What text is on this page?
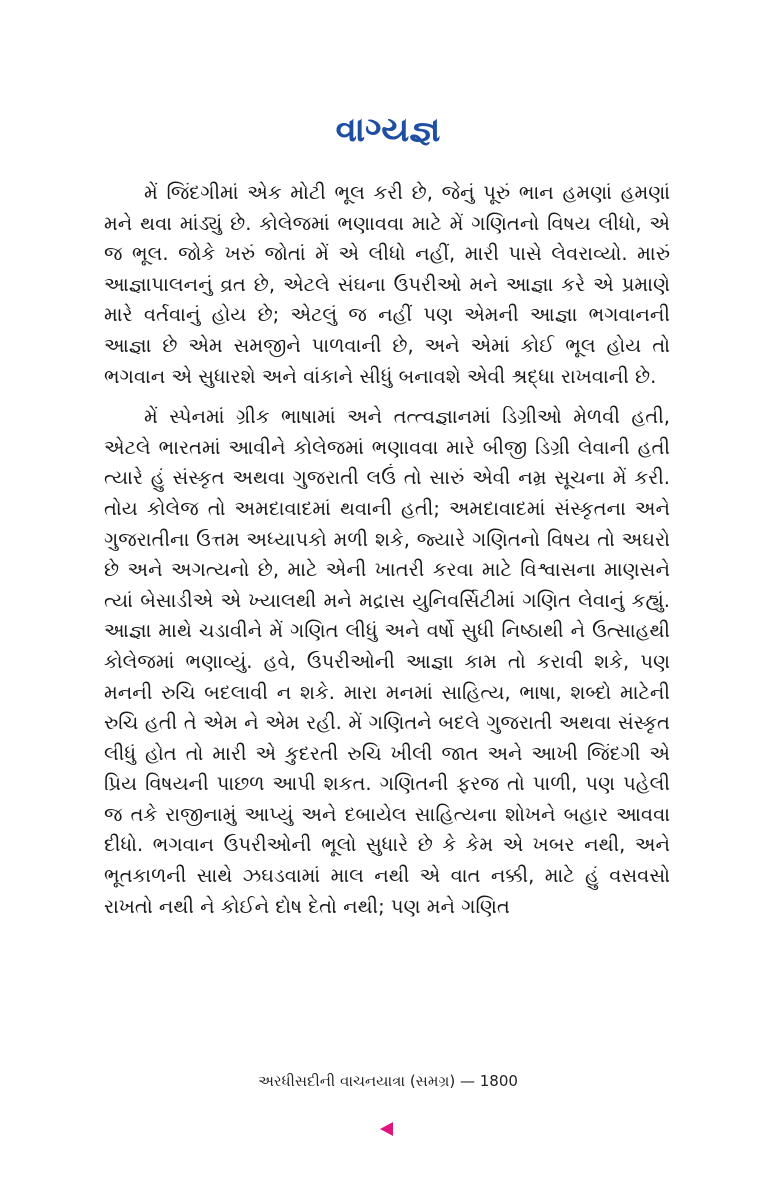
વાગ્યજ્ઞ

મેં જિંદગીમાં એક મોટી ભૂલ કરી છે, જેનું પૂરું ભાન હમણાં હમણાં મને થવા માંડ્યું છે. કોલેજમાં ભણાવવા માટે મેં ગણિતનો વિષય લીધો, એ જ ભૂલ. જોકે ખરું જોતાં મેં એ લીધો નહીં, મારી પાસે લેવરાવ્યો. મારું આજ્ઞાપાલનનું વ્રત છે, એટલે સંઘના ઉપરીઓ મને આજ્ઞા કરે એ પ્રમાણે મારે વર્તવાનું હોય છે; એટલું જ નહીં પણ એમની આજ્ઞા ભગવાનની આજ્ઞા છે એમ સમજીને પાળવાની છે, અને એમાં કોઈ ભૂલ હોય તો ભગવાન એ સુધારશે અને વાંકાને સીધું બનાવશે એવી શ્રદ્ધા રાખવાની છે.

મેં સ્પેનમાં ગ્રીક ભાષામાં અને તત્ત્વજ્ઞાનમાં ડિગ્રીઓ મેળવી હતી, એટલે ભારતમાં આવીને કોલેજમાં ભણાવવા મારે બીજી ડિગ્રી લેવાની હતી ત્યારે હું સંસ્કૃત અથવા ગુજરાતી લઉં તો સારું એવી નમ્ર સૂચના મેં કરી. તોય કોલેજ તો અમદાવાદમાં થવાની હતી; અમદાવાદમાં સંસ્કૃતના અને ગુજરાતીના ઉત્તમ અધ્યાપકો મળી શકે, જ્યારે ગણિતનો વિષય તો અઘરો છે અને અગત્યનો છે, માટે એની ખાતરી કરવા માટે વિશ્વાસના માણસને ત્યાં બેસાડીએ એ ખ્યાલથી મને મદ્રાસ યુનિવર્સિટીમાં ગણિત લેવાનું કહ્યું. આજ્ઞા માથે ચડાવીને મેં ગણિત લીધું અને વર્ષો સુધી નિષ્ઠાથી ને ઉત્સાહથી કોલેજમાં ભણાવ્યું. હવે, ઉપરીઓની આજ્ઞા કામ તો કરાવી શકે, પણ મનની રુચિ બદલાવી ન શકે. મારા મનમાં સાહિત્ય, ભાષા, શબ્દો માટેની રુચિ હતી તે એમ ને એમ રહી. મેં ગણિતને બદલે ગુજરાતી અથવા સંસ્કૃત લીધું હોત તો મારી એ કુદરતી રુચિ ખીલી જાત અને આખી જિંદગી એ પ્રિય વિષયની પાછળ આપી શકત. ગણિતની ફરજ તો પાળી, પણ પહેલી જ તકે રાજીનામું આપ્યું અને દબાયેલ સાહિત્યના શોખને બહાર આવવા દીધો. ભગવાન ઉપરીઓની ભૂલો સુધારે છે કે કેમ એ ખબર નથી, અને ભૂતકાળની સાથે ઝઘડવામાં માલ નથી એ વાત નક્કી, માટે હું વસવસો રાખતો નથી ને કોઈને દોષ દેતો નથી; પણ મને ગણિત

અરધીસદીની વાચનયાત્રા (સમગ્ર) — 1800
